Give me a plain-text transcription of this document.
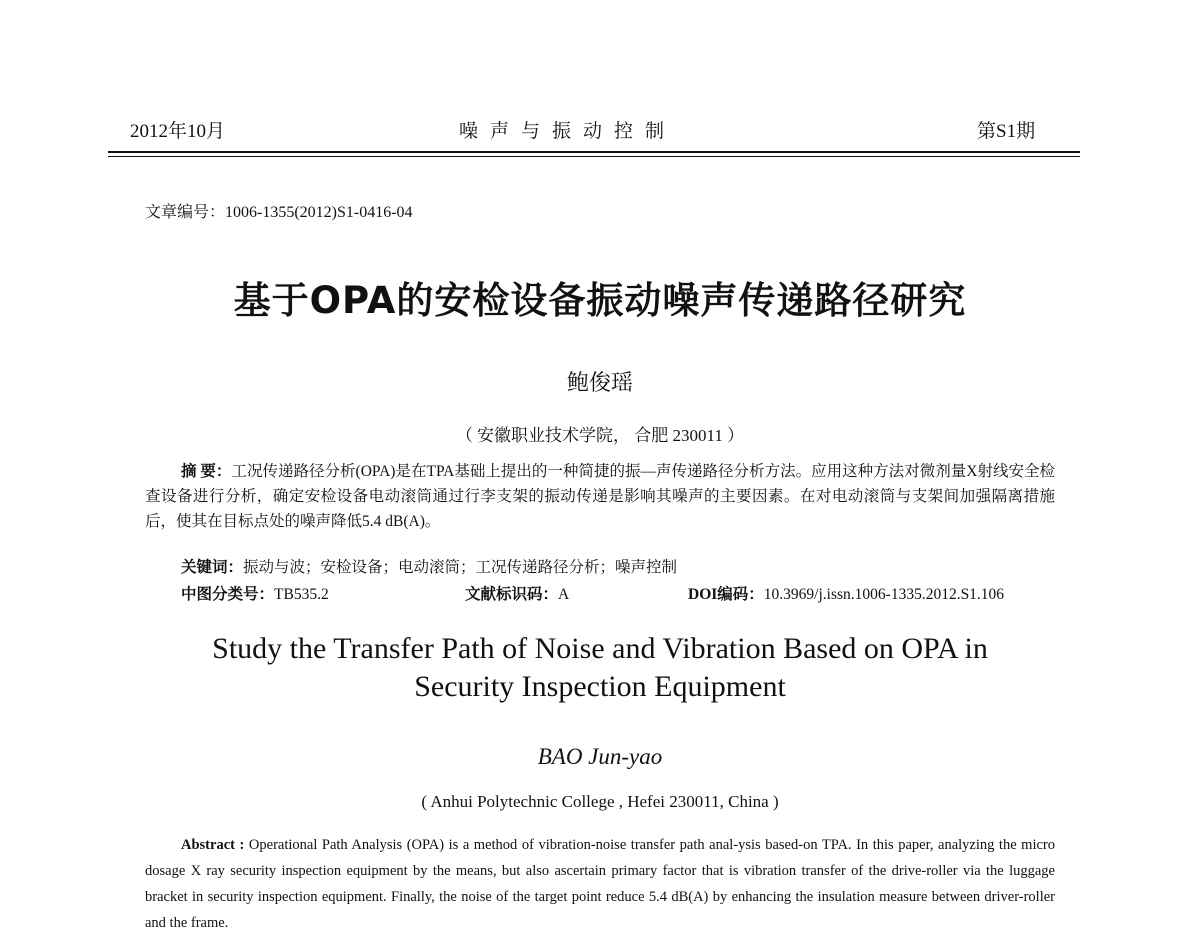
2012年10月	噪声与振动控制	第S1期
文章编号：1006-1355(2012)S1-0416-04
基于OPA的安检设备振动噪声传递路径研究
鲍俊瑶
（ 安徽职业技术学院， 合肥 230011 ）
摘 要：工况传递路径分析(OPA)是在TPA基础上提出的一种简捷的振—声传递路径分析方法。应用这种方法对微剂量X射线安全检查设备进行分析，确定安检设备电动滚筒通过行李支架的振动传递是影响其噪声的主要因素。在对电动滚筒与支架间加强隔离措施后，使其在目标点处的噪声降低5.4 dB(A)。
关键词：振动与波；安检设备；电动滚筒；工况传递路径分析；噪声控制
中图分类号：TB535.2	文献标识码：A	DOI编码：10.3969/j.issn.1006-1335.2012.S1.106
Study the Transfer Path of Noise and Vibration Based on OPA in
Security Inspection Equipment
BAO Jun-yao
( Anhui Polytechnic College , Hefei 230011, China )
Abstract : Operational Path Analysis (OPA) is a method of vibration-noise transfer path anal-ysis based-on TPA. In this paper, analyzing the micro dosage X ray security inspection equipment by the means, but also ascertain primary factor that is vibration transfer of the drive-roller via the luggage bracket in security inspection equipment. Finally, the noise of the target point reduce 5.4 dB(A) by enhancing the insulation measure between driver-roller and the frame.
